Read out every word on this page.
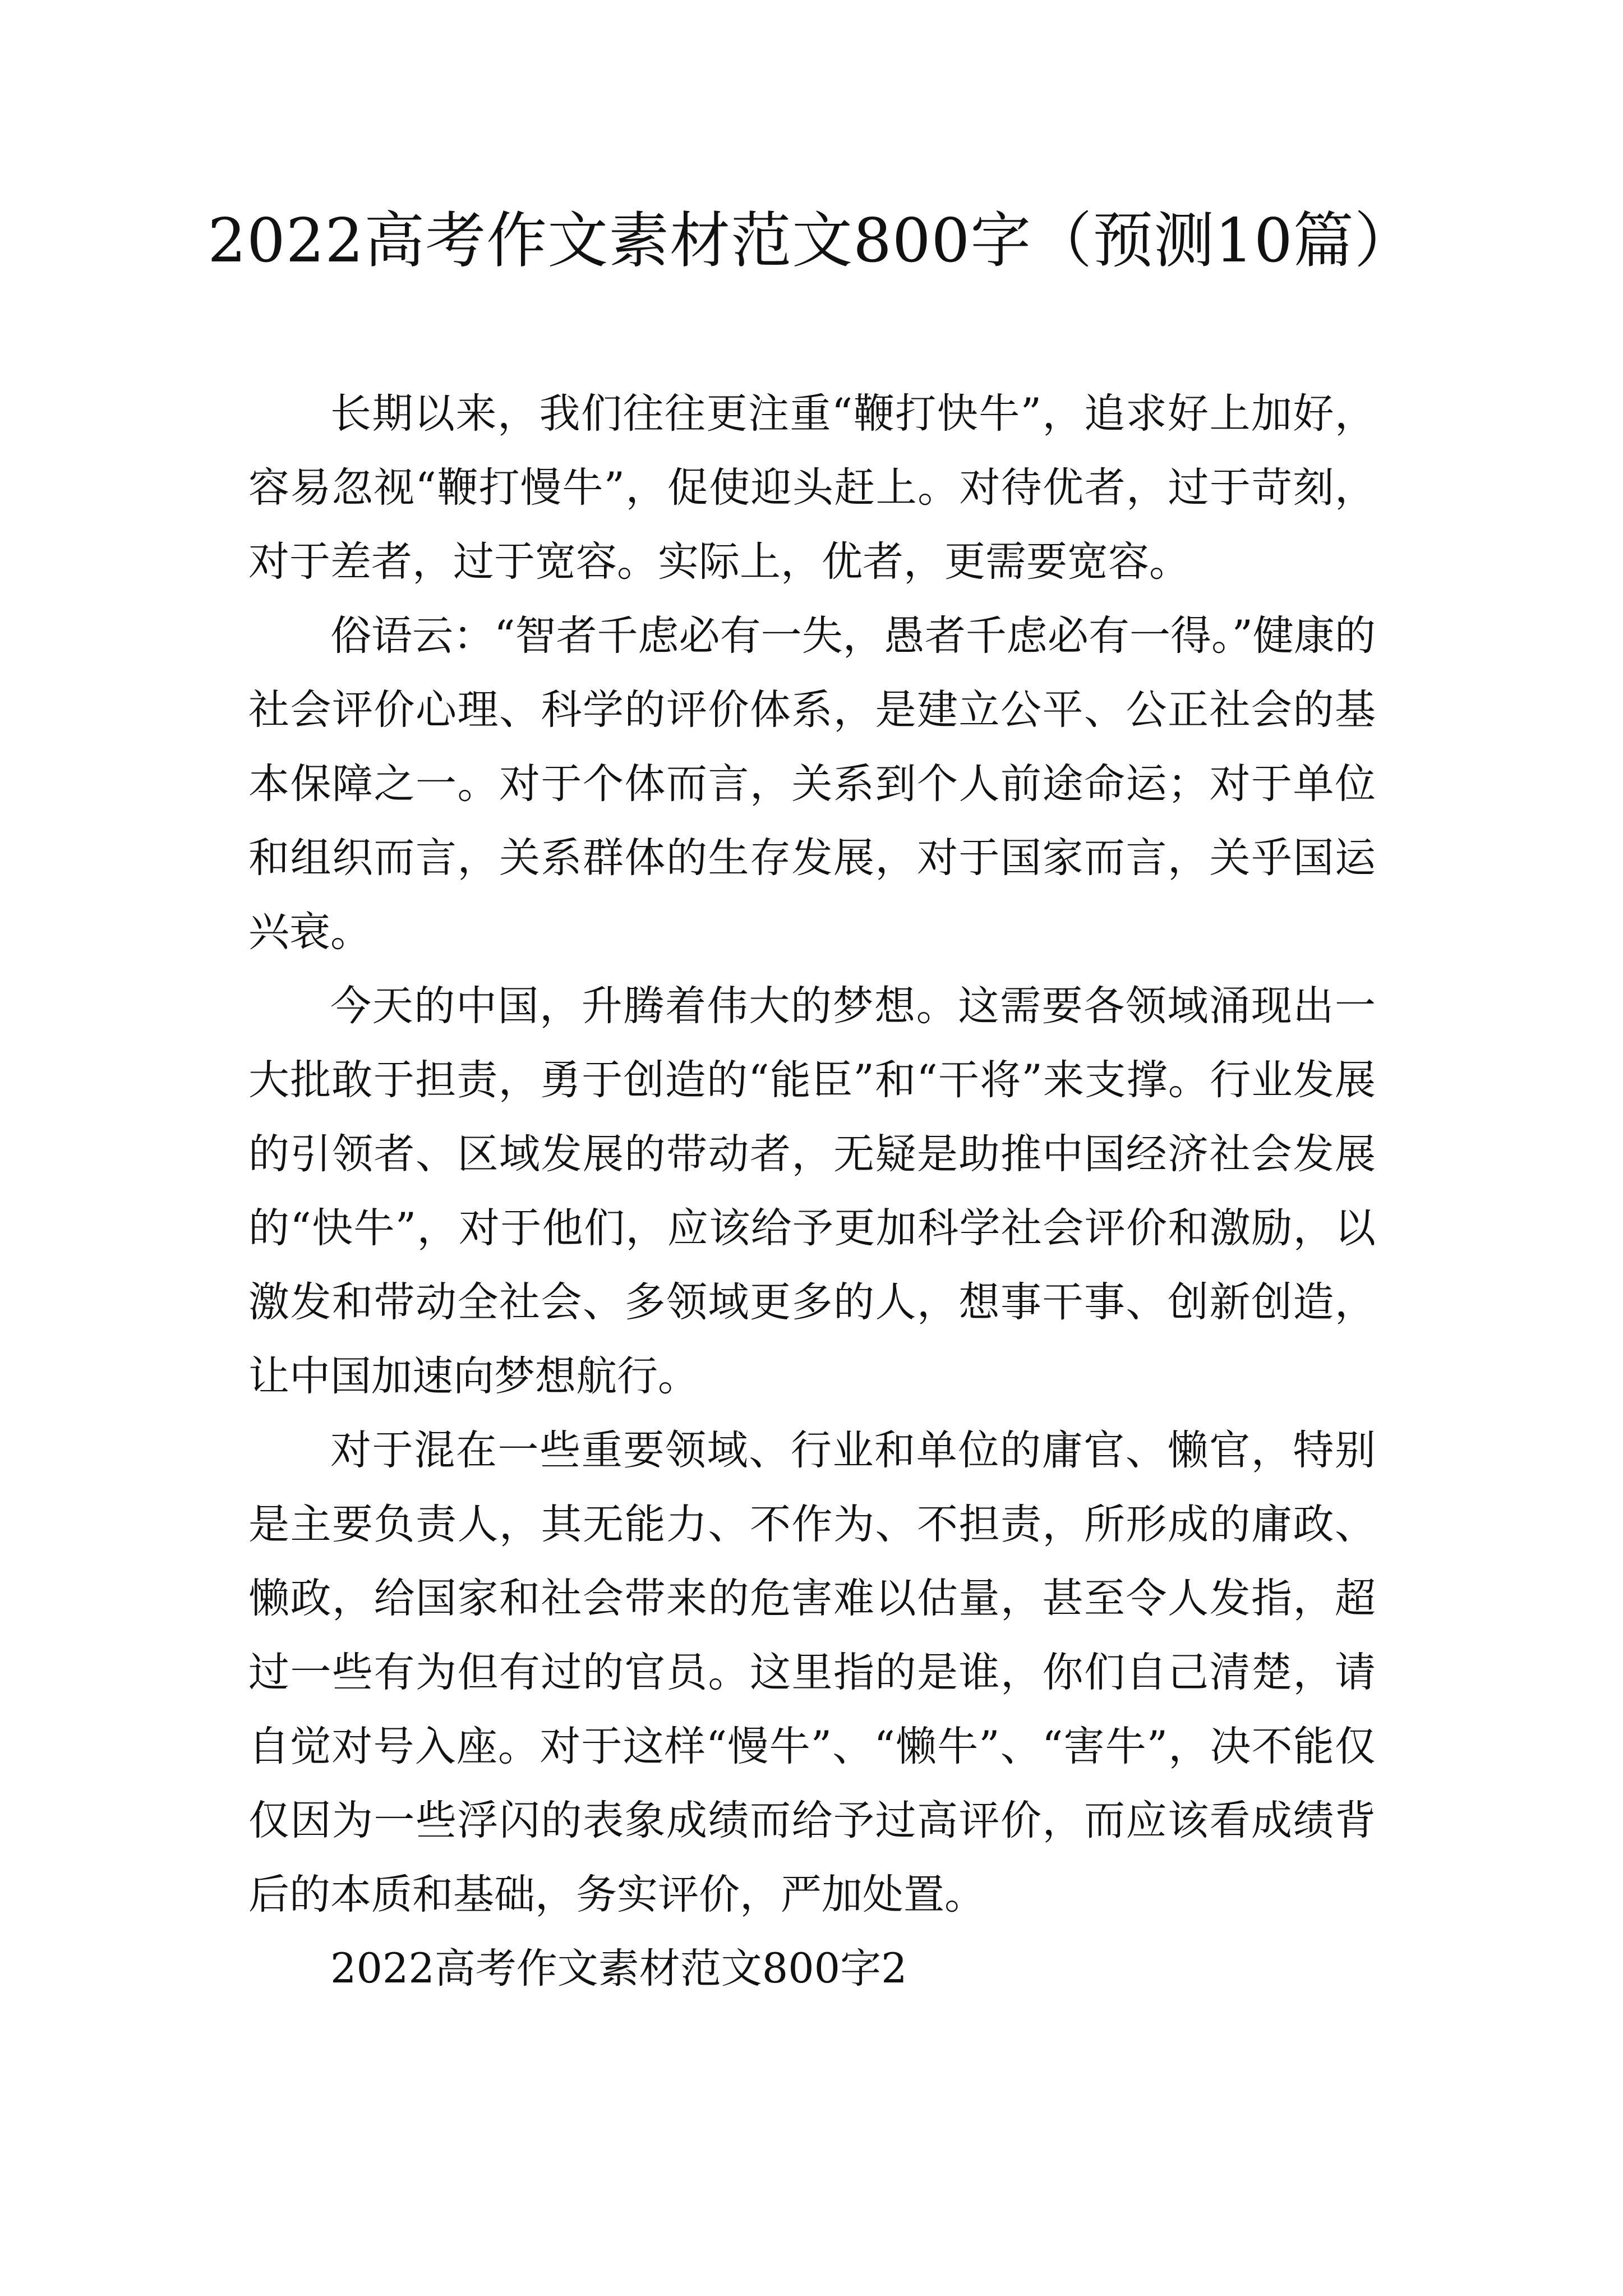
2022高考作文素材范文800字（预测10篇）

长期以来，我们往往更注重“鞭打快牛”，追求好上加好，容易忽视“鞭打慢牛”，促使迎头赶上。对待优者，过于苛刻，对于差者，过于宽容。实际上，优者，更需要宽容。

俗语云：“智者千虑必有一失，愚者千虑必有一得。”健康的社会评价心理、科学的评价体系，是建立公平、公正社会的基本保障之一。对于个体而言，关系到个人前途命运；对于单位和组织而言，关系群体的生存发展，对于国家而言，关乎国运兴衰。

今天的中国，升腾着伟大的梦想。这需要各领域涌现出一大批敢于担责，勇于创造的“能臣”和“干将”来支撑。行业发展的引领者、区域发展的带动者，无疑是助推中国经济社会发展的“快牛”，对于他们，应该给予更加科学社会评价和激励，以激发和带动全社会、多领域更多的人，想事干事、创新创造，让中国加速向梦想航行。

对于混在一些重要领域、行业和单位的庸官、懒官，特别是主要负责人，其无能力、不作为、不担责，所形成的庸政、懒政，给国家和社会带来的危害难以估量，甚至令人发指，超过一些有为但有过的官员。这里指的是谁，你们自己清楚，请自觉对号入座。对于这样“慢牛”、“懒牛”、“害牛”，决不能仅仅因为一些浮闪的表象成绩而给予过高评价，而应该看成绩背后的本质和基础，务实评价，严加处置。

2022高考作文素材范文800字2
